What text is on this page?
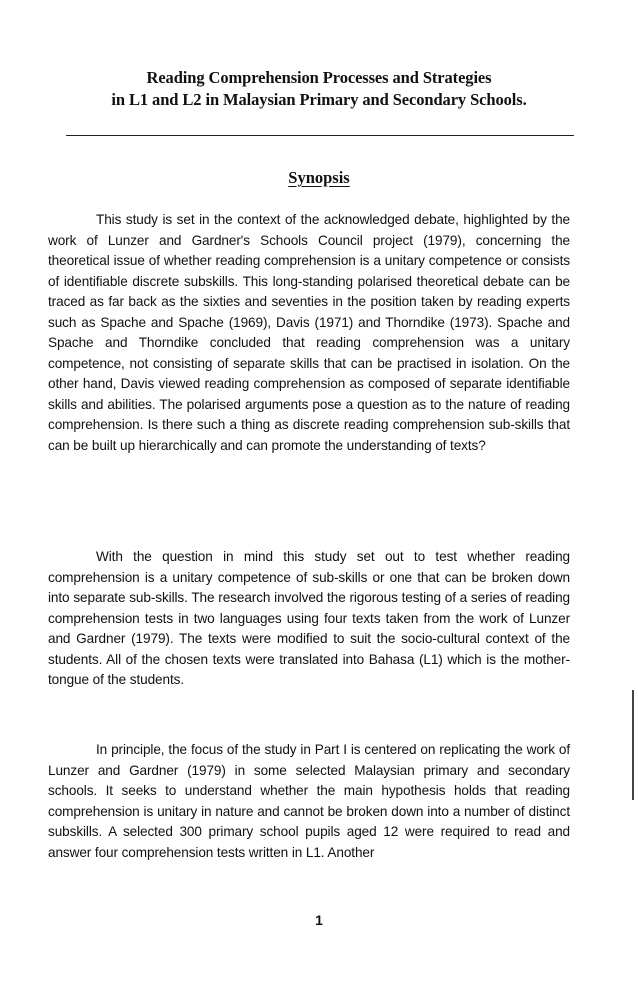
Reading Comprehension Processes and Strategies
in L1 and L2 in Malaysian Primary and Secondary Schools.
Synopsis

This study is set in the context of the acknowledged debate, highlighted by the work of Lunzer and Gardner's Schools Council project (1979), concerning the theoretical issue of whether reading comprehension is a unitary competence or consists of identifiable discrete subskills. This long-standing polarised theoretical debate can be traced as far back as the sixties and seventies in the position taken by reading experts such as Spache and Spache (1969), Davis (1971) and Thorndike (1973). Spache and Spache and Thorndike concluded that reading comprehension was a unitary competence, not consisting of separate skills that can be practised in isolation. On the other hand, Davis viewed reading comprehension as composed of separate identifiable skills and abilities. The polarised arguments pose a question as to the nature of reading comprehension. Is there such a thing as discrete reading comprehension sub-skills that can be built up hierarchically and can promote the understanding of texts?

With the question in mind this study set out to test whether reading comprehension is a unitary competence of sub-skills or one that can be broken down into separate sub-skills. The research involved the rigorous testing of a series of reading comprehension tests in two languages using four texts taken from the work of Lunzer and Gardner (1979). The texts were modified to suit the socio-cultural context of the students. All of the chosen texts were translated into Bahasa (L1) which is the mother-tongue of the students.

In principle, the focus of the study in Part I is centered on replicating the work of Lunzer and Gardner (1979) in some selected Malaysian primary and secondary schools. It seeks to understand whether the main hypothesis holds that reading comprehension is unitary in nature and cannot be broken down into a number of distinct subskills. A selected 300 primary school pupils aged 12 were required to read and answer four comprehension tests written in L1. Another

1
